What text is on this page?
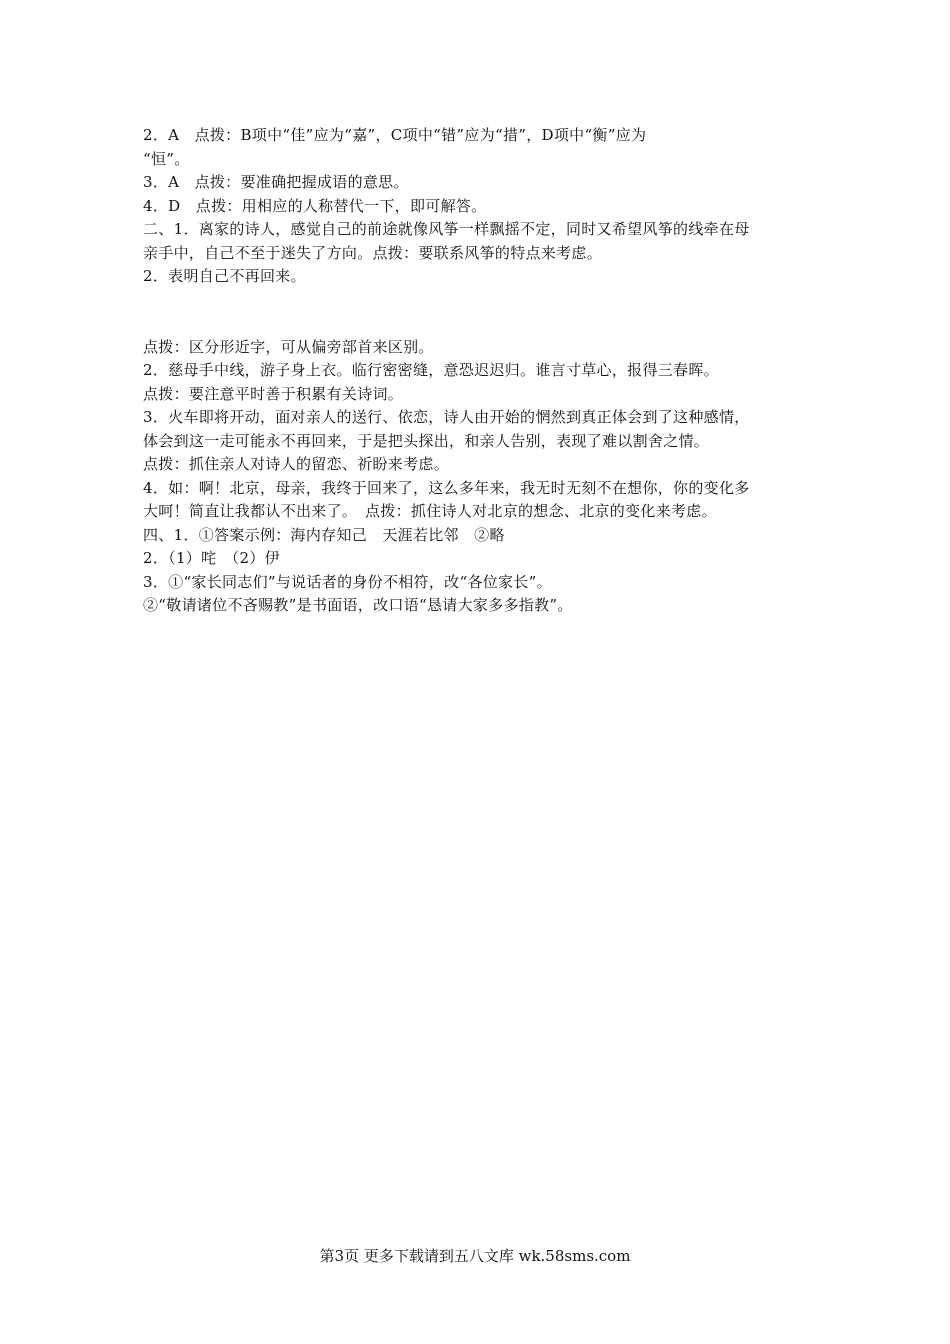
2．A　点拨：B项中“佳”应为“嘉”，C项中“错”应为“措”，D项中“衡”应为
“恒”。
3．A　点拨：要准确把握成语的意思。
4．D　点拨：用相应的人称替代一下，即可解答。
二、1．离家的诗人，感觉自己的前途就像风筝一样飘摇不定，同时又希望风筝的线牵在母
亲手中，自己不至于迷失了方向。点拨：要联系风筝的特点来考虑。
2．表明自己不再回来。
点拨：区分形近字，可从偏旁部首来区别。
2．慈母手中线，游子身上衣。临行密密缝，意恐迟迟归。谁言寸草心，报得三春晖。
点拨：要注意平时善于积累有关诗词。
3．火车即将开动，面对亲人的送行、依恋，诗人由开始的惘然到真正体会到了这种感情，
体会到这一走可能永不再回来，于是把头探出，和亲人告别，表现了难以割舍之情。
点拨：抓住亲人对诗人的留恋、祈盼来考虑。
4．如：啊！北京，母亲，我终于回来了，这么多年来，我无时无刻不在想你，你的变化多
大呵！简直让我都认不出来了。　点拨：抓住诗人对北京的想念、北京的变化来考虑。
四、1．①答案示例：海内存知己　天涯若比邻　②略
2．（1）咤　（2）伊
3．①“家长同志们”与说话者的身份不相符，改“各位家长”。
②“敬请诸位不吝赐教”是书面语，改口语“恳请大家多多指教”。
第3页 更多下载请到五八文库 wk.58sms.com
